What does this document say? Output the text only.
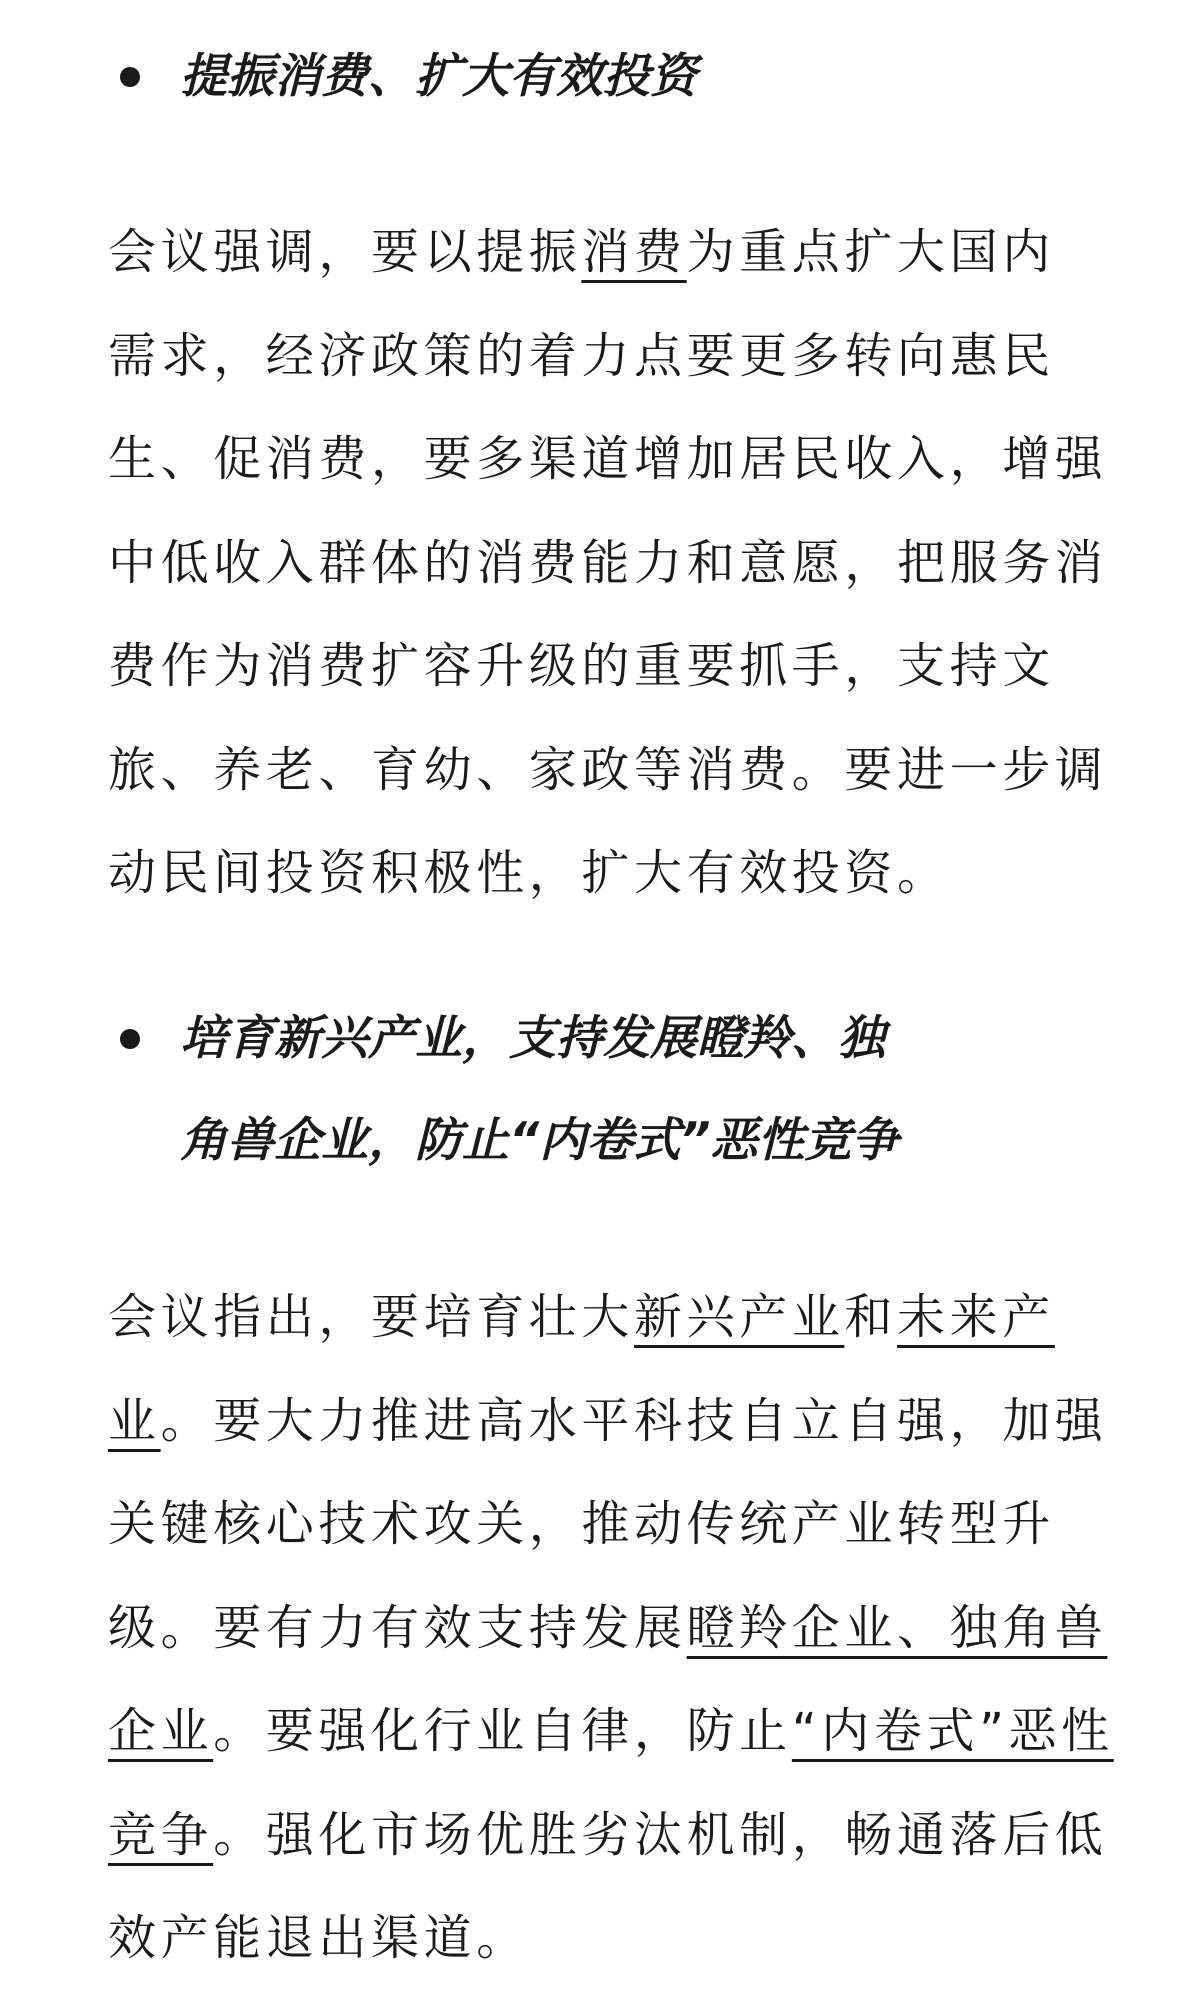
提振消费、扩大有效投资
会议强调，要以提振消费为重点扩大国内
需求，经济政策的着力点要更多转向惠民
生、促消费，要多渠道增加居民收入，增强
中低收入群体的消费能力和意愿，把服务消
费作为消费扩容升级的重要抓手，支持文
旅、养老、育幼、家政等消费。要进一步调
动民间投资积极性，扩大有效投资。
培育新兴产业，支持发展瞪羚、独
角兽企业，防止“内卷式”恶性竞争
会议指出，要培育壮大新兴产业和未来产
业。要大力推进高水平科技自立自强，加强
关键核心技术攻关，推动传统产业转型升
级。要有力有效支持发展瞪羚企业、独角兽
企业。要强化行业自律，防止“内卷式”恶性
竞争。强化市场优胜劣汰机制，畅通落后低
效产能退出渠道。
